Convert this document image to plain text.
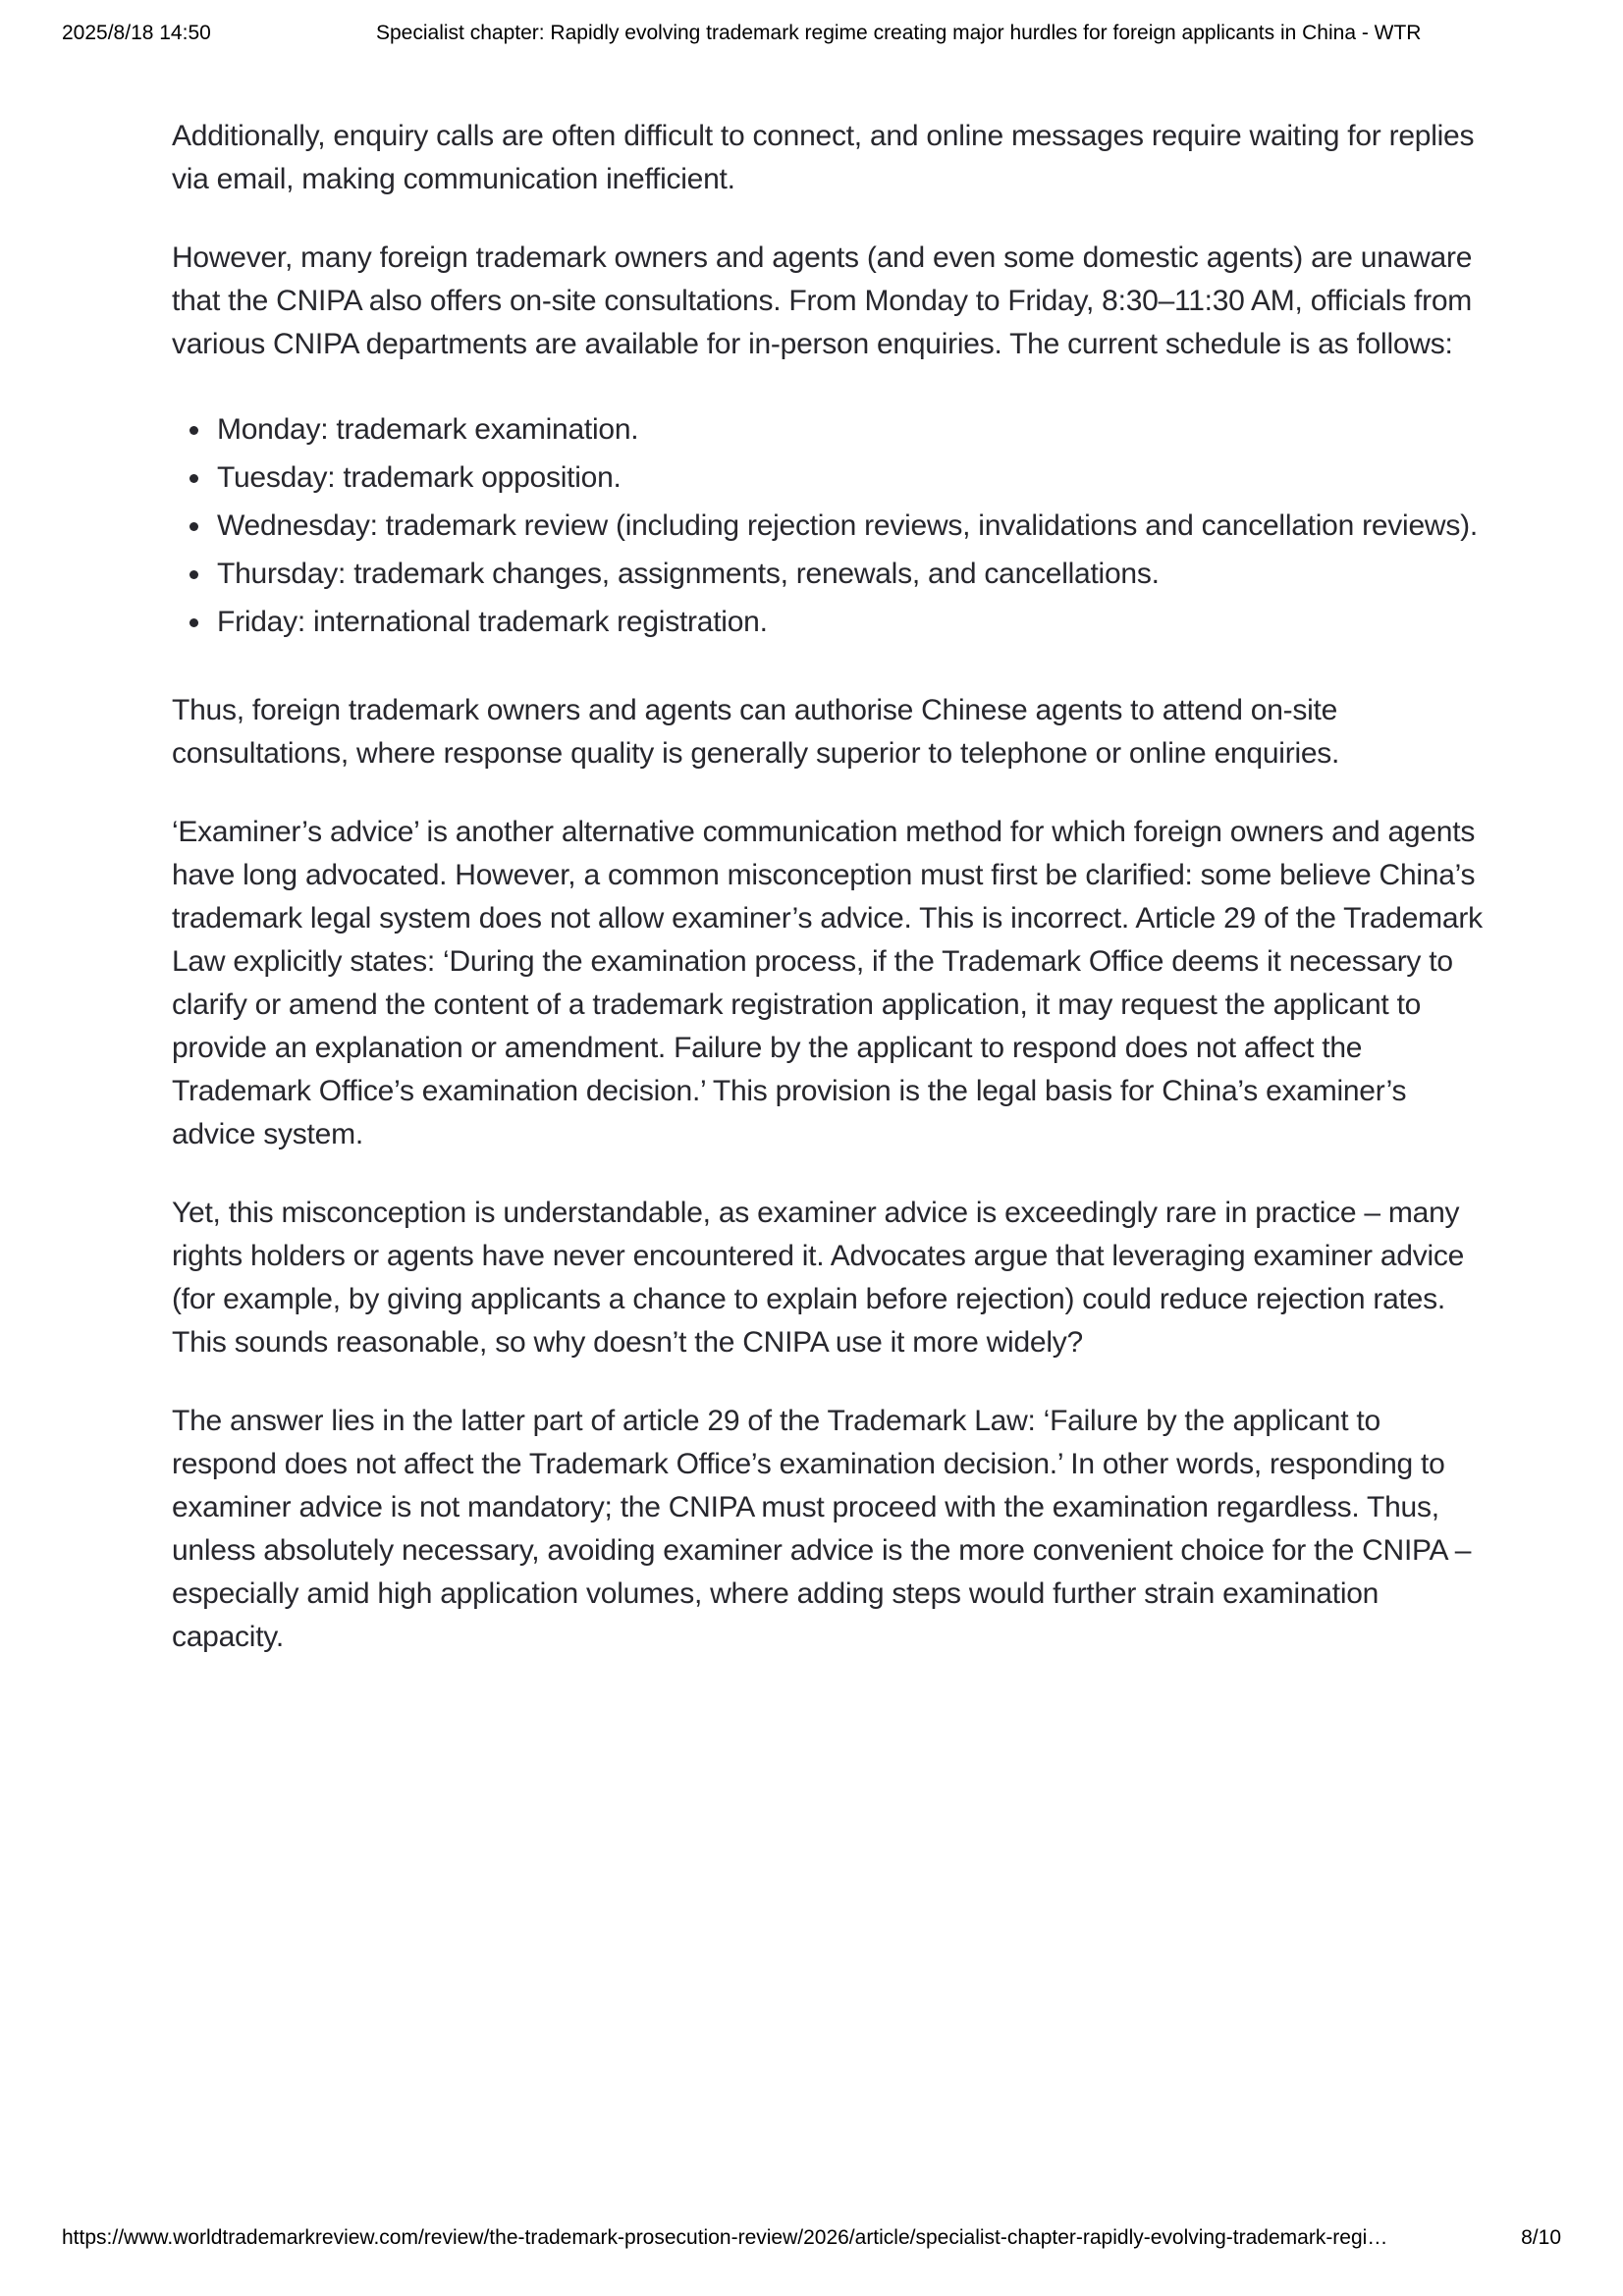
2025/8/18 14:50	Specialist chapter: Rapidly evolving trademark regime creating major hurdles for foreign applicants in China - WTR

Additionally, enquiry calls are often difficult to connect, and online messages require waiting for replies via email, making communication inefficient.

However, many foreign trademark owners and agents (and even some domestic agents) are unaware that the CNIPA also offers on-site consultations. From Monday to Friday, 8:30–11:30 AM, officials from various CNIPA departments are available for in-person enquiries. The current schedule is as follows:

• Monday: trademark examination.
• Tuesday: trademark opposition.
• Wednesday: trademark review (including rejection reviews, invalidations and cancellation reviews).
• Thursday: trademark changes, assignments, renewals, and cancellations.
• Friday: international trademark registration.

Thus, foreign trademark owners and agents can authorise Chinese agents to attend on-site consultations, where response quality is generally superior to telephone or online enquiries.

‘Examiner’s advice’ is another alternative communication method for which foreign owners and agents have long advocated. However, a common misconception must first be clarified: some believe China’s trademark legal system does not allow examiner’s advice. This is incorrect. Article 29 of the Trademark Law explicitly states: ‘During the examination process, if the Trademark Office deems it necessary to clarify or amend the content of a trademark registration application, it may request the applicant to provide an explanation or amendment. Failure by the applicant to respond does not affect the Trademark Office’s examination decision.’ This provision is the legal basis for China’s examiner’s advice system.

Yet, this misconception is understandable, as examiner advice is exceedingly rare in practice – many rights holders or agents have never encountered it. Advocates argue that leveraging examiner advice (for example, by giving applicants a chance to explain before rejection) could reduce rejection rates. This sounds reasonable, so why doesn’t the CNIPA use it more widely?

The answer lies in the latter part of article 29 of the Trademark Law: ‘Failure by the applicant to respond does not affect the Trademark Office’s examination decision.’ In other words, responding to examiner advice is not mandatory; the CNIPA must proceed with the examination regardless. Thus, unless absolutely necessary, avoiding examiner advice is the more convenient choice for the CNIPA – especially amid high application volumes, where adding steps would further strain examination capacity.

https://www.worldtrademarkreview.com/review/the-trademark-prosecution-review/2026/article/specialist-chapter-rapidly-evolving-trademark-regi…	8/10
